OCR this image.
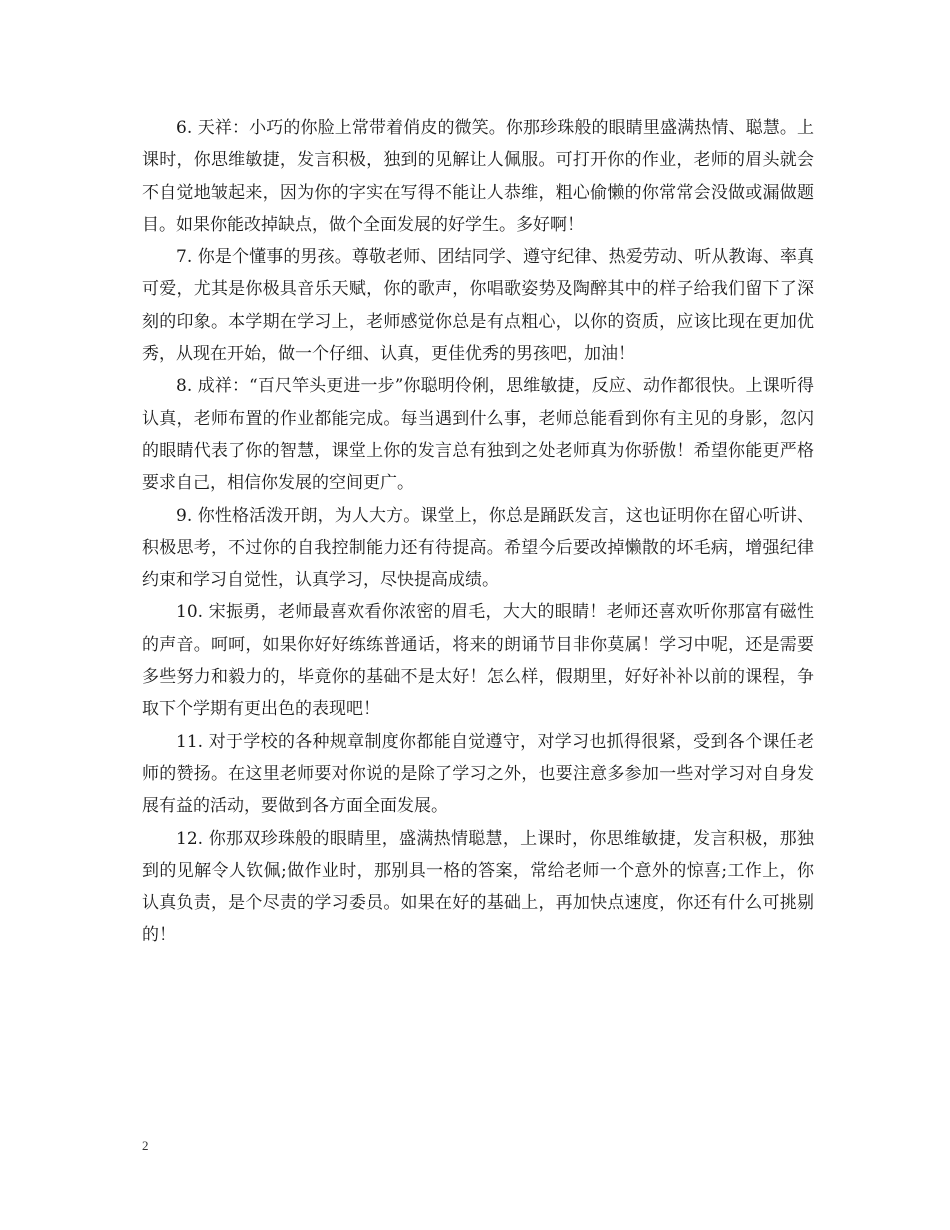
6. 天祥：小巧的你脸上常带着俏皮的微笑。你那珍珠般的眼睛里盛满热情、聪慧。上课时，你思维敏捷，发言积极，独到的见解让人佩服。可打开你的作业，老师的眉头就会不自觉地皱起来，因为你的字实在写得不能让人恭维，粗心偷懒的你常常会没做或漏做题目。如果你能改掉缺点，做个全面发展的好学生。多好啊！

7. 你是个懂事的男孩。尊敬老师、团结同学、遵守纪律、热爱劳动、听从教诲、率真可爱，尤其是你极具音乐天赋，你的歌声，你唱歌姿势及陶醉其中的样子给我们留下了深刻的印象。本学期在学习上，老师感觉你总是有点粗心，以你的资质，应该比现在更加优秀，从现在开始，做一个仔细、认真，更佳优秀的男孩吧，加油！

8. 成祥：“百尺竿头更进一步”你聪明伶俐，思维敏捷，反应、动作都很快。上课听得认真，老师布置的作业都能完成。每当遇到什么事，老师总能看到你有主见的身影，忽闪的眼睛代表了你的智慧，课堂上你的发言总有独到之处老师真为你骄傲！希望你能更严格要求自己，相信你发展的空间更广。

9. 你性格活泼开朗，为人大方。课堂上，你总是踊跃发言，这也证明你在留心听讲、积极思考，不过你的自我控制能力还有待提高。希望今后要改掉懒散的坏毛病，增强纪律约束和学习自觉性，认真学习，尽快提高成绩。

10. 宋振勇，老师最喜欢看你浓密的眉毛，大大的眼睛！老师还喜欢听你那富有磁性的声音。呵呵，如果你好好练练普通话，将来的朗诵节目非你莫属！学习中呢，还是需要多些努力和毅力的，毕竟你的基础不是太好！怎么样，假期里，好好补补以前的课程，争取下个学期有更出色的表现吧！

11. 对于学校的各种规章制度你都能自觉遵守，对学习也抓得很紧，受到各个课任老师的赞扬。在这里老师要对你说的是除了学习之外，也要注意多参加一些对学习对自身发展有益的活动，要做到各方面全面发展。

12. 你那双珍珠般的眼睛里，盛满热情聪慧，上课时，你思维敏捷，发言积极，那独到的见解令人钦佩;做作业时，那别具一格的答案，常给老师一个意外的惊喜;工作上，你认真负责，是个尽责的学习委员。如果在好的基础上，再加快点速度，你还有什么可挑剔的！

2
